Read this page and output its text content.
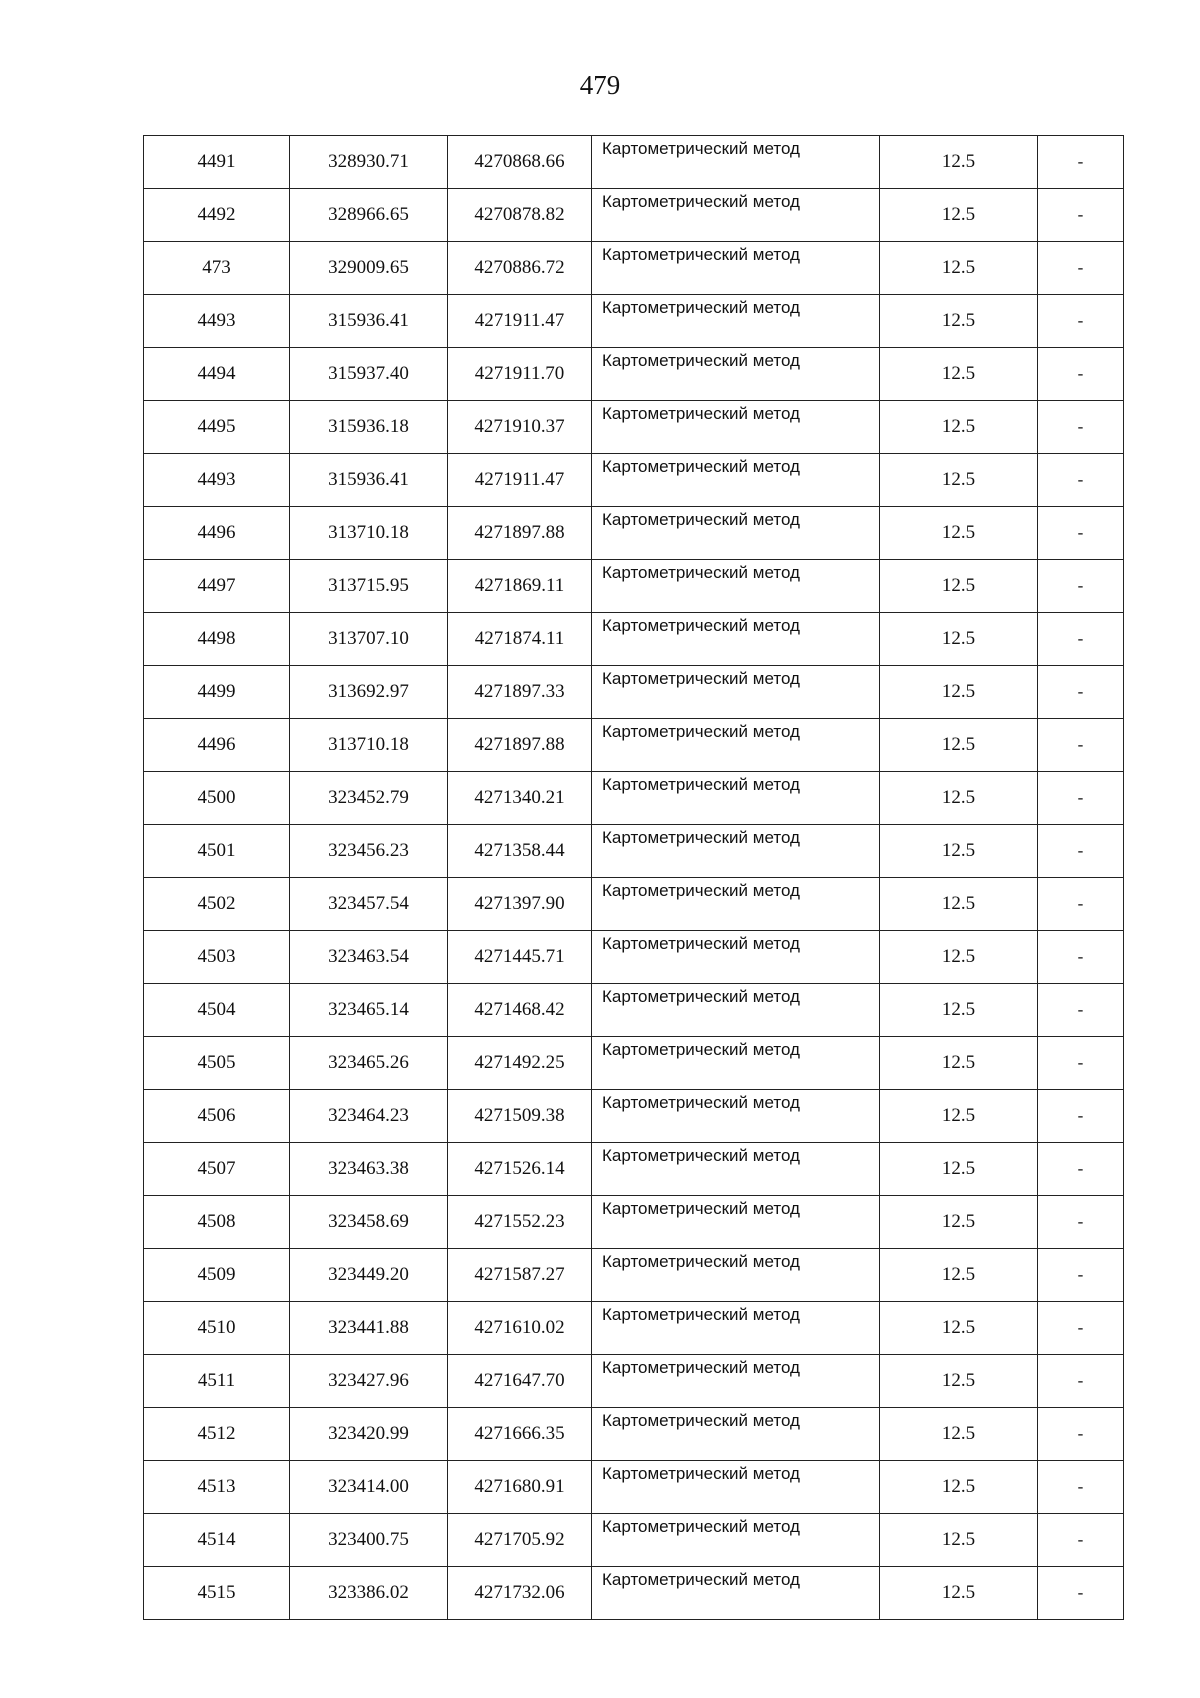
479
4491	328930.71	4270868.66	Картометрический метод	12.5	-
4492	328966.65	4270878.82	Картометрический метод	12.5	-
473	329009.65	4270886.72	Картометрический метод	12.5	-
4493	315936.41	4271911.47	Картометрический метод	12.5	-
4494	315937.40	4271911.70	Картометрический метод	12.5	-
4495	315936.18	4271910.37	Картометрический метод	12.5	-
4493	315936.41	4271911.47	Картометрический метод	12.5	-
4496	313710.18	4271897.88	Картометрический метод	12.5	-
4497	313715.95	4271869.11	Картометрический метод	12.5	-
4498	313707.10	4271874.11	Картометрический метод	12.5	-
4499	313692.97	4271897.33	Картометрический метод	12.5	-
4496	313710.18	4271897.88	Картометрический метод	12.5	-
4500	323452.79	4271340.21	Картометрический метод	12.5	-
4501	323456.23	4271358.44	Картометрический метод	12.5	-
4502	323457.54	4271397.90	Картометрический метод	12.5	-
4503	323463.54	4271445.71	Картометрический метод	12.5	-
4504	323465.14	4271468.42	Картометрический метод	12.5	-
4505	323465.26	4271492.25	Картометрический метод	12.5	-
4506	323464.23	4271509.38	Картометрический метод	12.5	-
4507	323463.38	4271526.14	Картометрический метод	12.5	-
4508	323458.69	4271552.23	Картометрический метод	12.5	-
4509	323449.20	4271587.27	Картометрический метод	12.5	-
4510	323441.88	4271610.02	Картометрический метод	12.5	-
4511	323427.96	4271647.70	Картометрический метод	12.5	-
4512	323420.99	4271666.35	Картометрический метод	12.5	-
4513	323414.00	4271680.91	Картометрический метод	12.5	-
4514	323400.75	4271705.92	Картометрический метод	12.5	-
4515	323386.02	4271732.06	Картометрический метод	12.5	-
